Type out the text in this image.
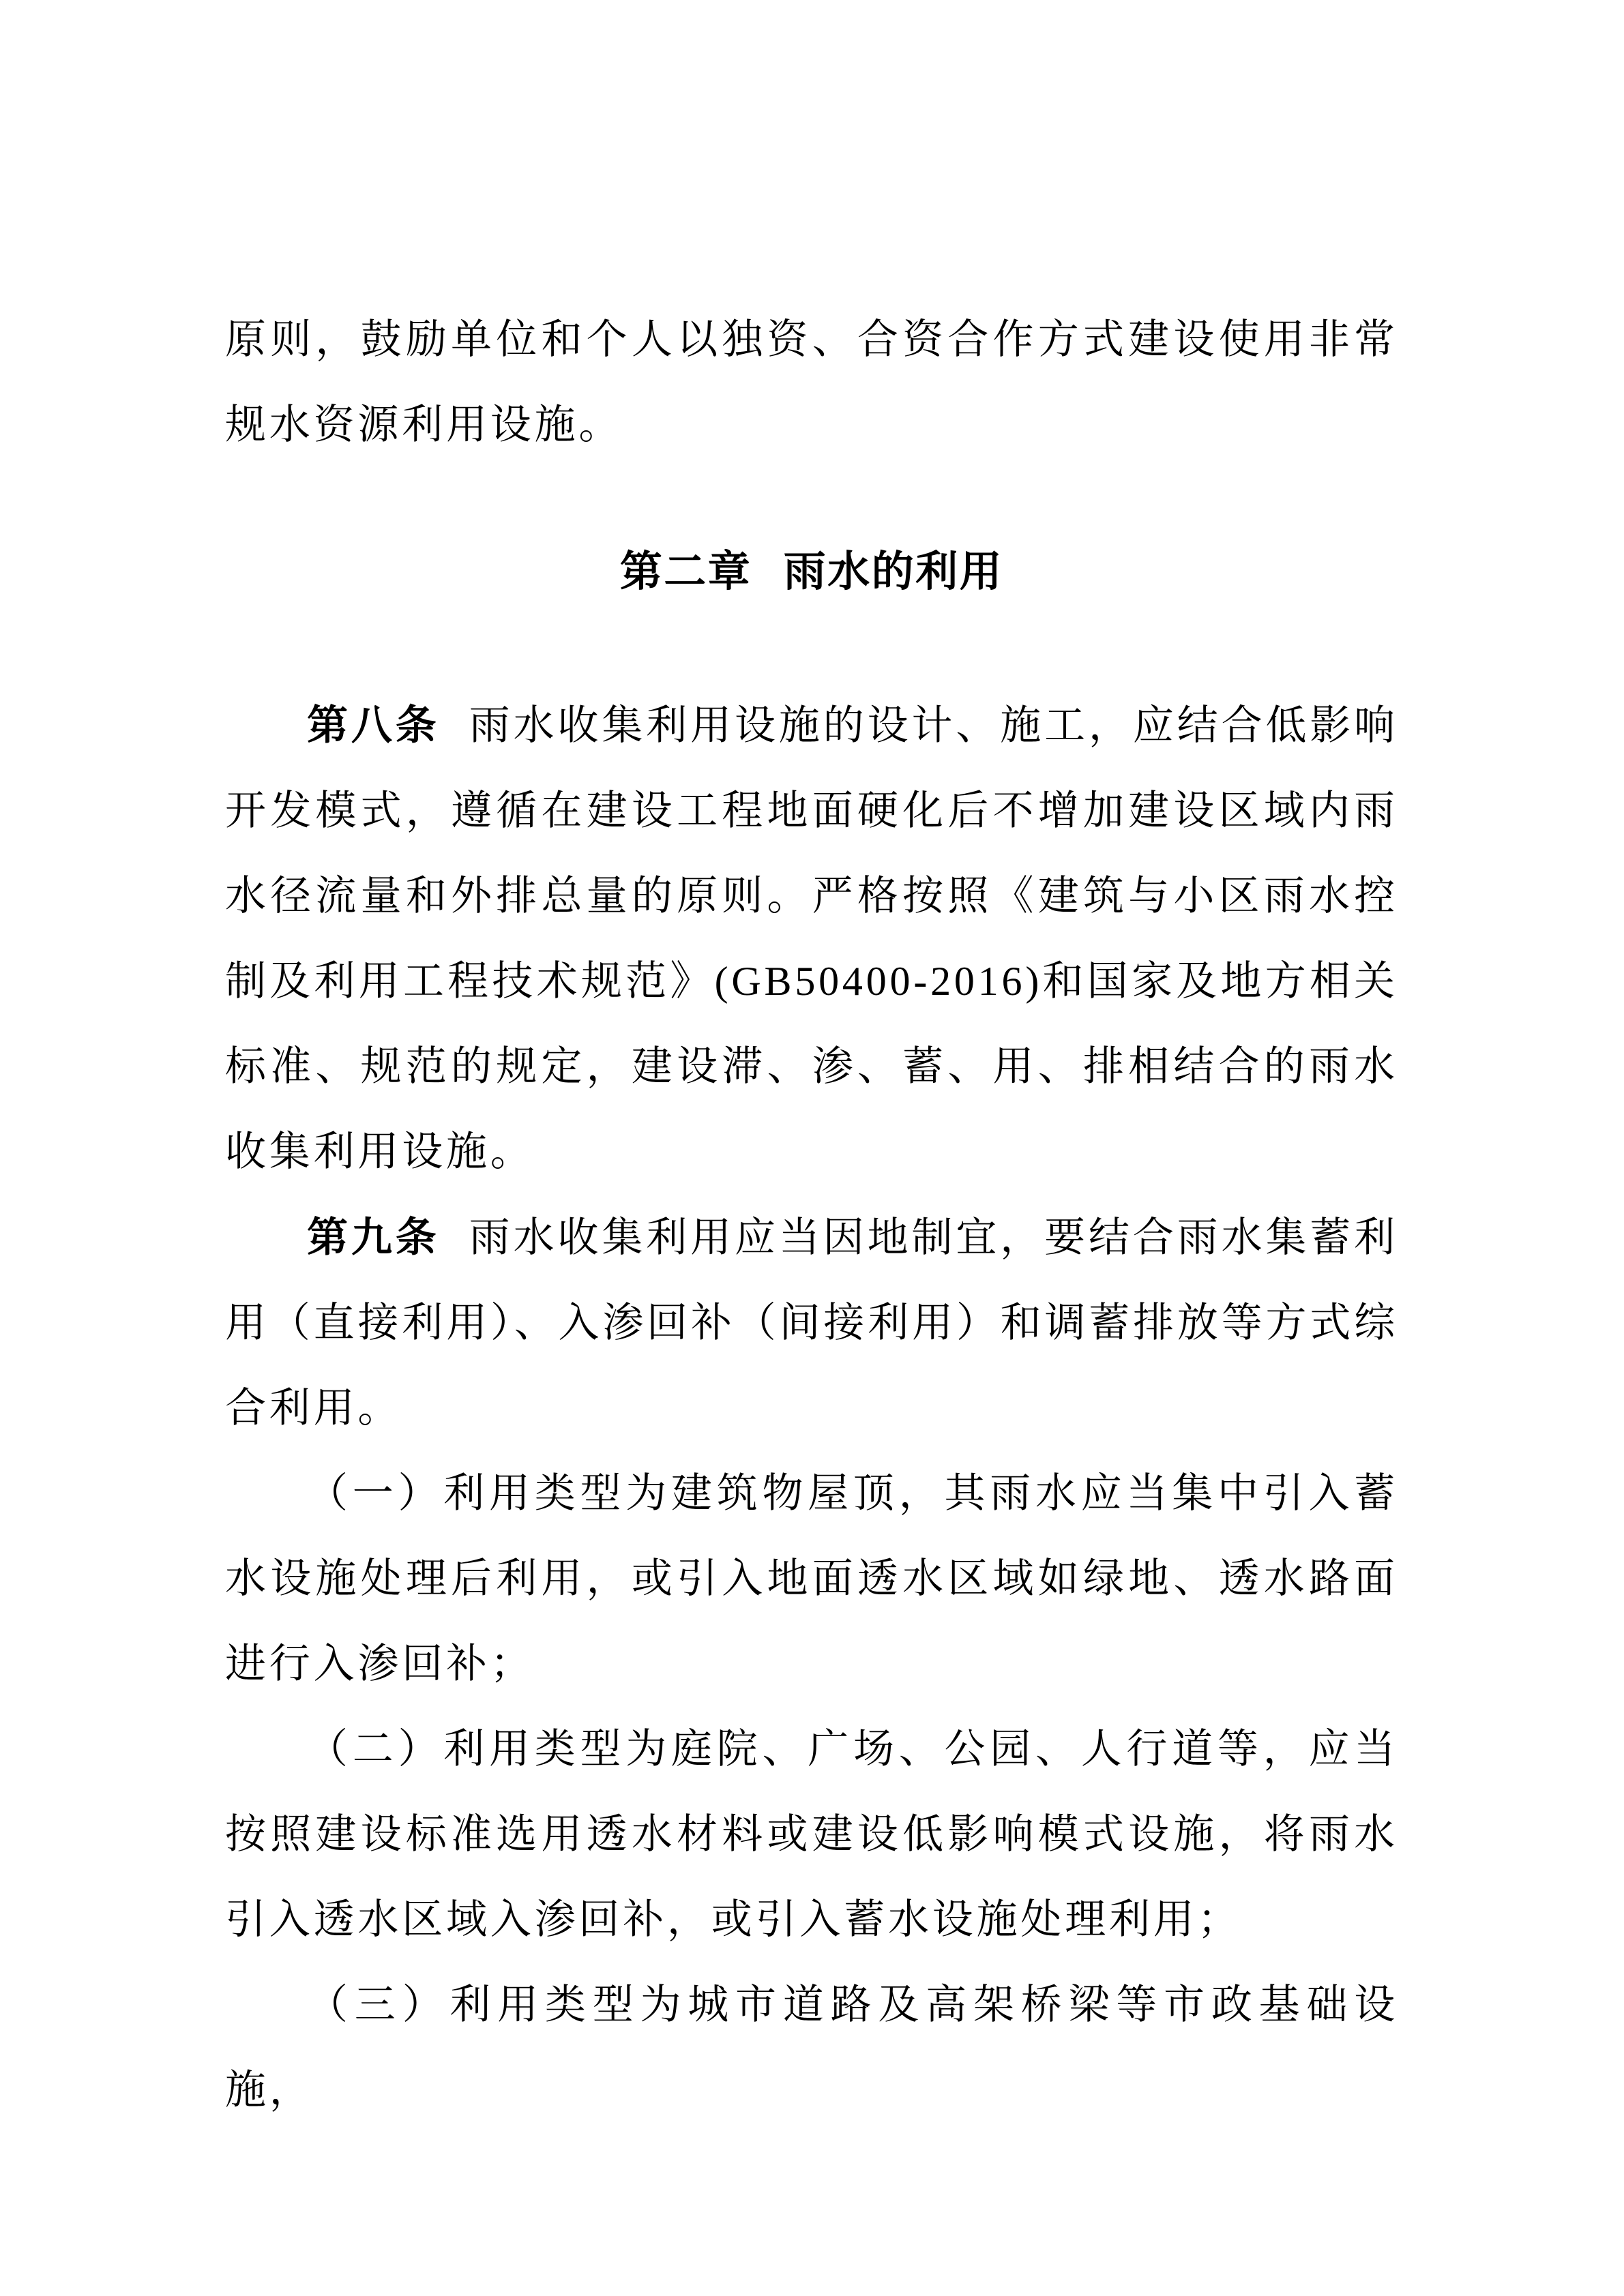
原则，鼓励单位和个人以独资、合资合作方式建设使用非常规水资源利用设施。

第二章 雨水的利用

第八条 雨水收集利用设施的设计、施工，应结合低影响开发模式，遵循在建设工程地面硬化后不增加建设区域内雨水径流量和外排总量的原则。严格按照《建筑与小区雨水控制及利用工程技术规范》(GB50400-2016)和国家及地方相关标准、规范的规定，建设滞、渗、蓄、用、排相结合的雨水收集利用设施。

第九条 雨水收集利用应当因地制宜，要结合雨水集蓄利用（直接利用）、入渗回补（间接利用）和调蓄排放等方式综合利用。

（一）利用类型为建筑物屋顶，其雨水应当集中引入蓄水设施处理后利用，或引入地面透水区域如绿地、透水路面进行入渗回补；

（二）利用类型为庭院、广场、公园、人行道等，应当按照建设标准选用透水材料或建设低影响模式设施，将雨水引入透水区域入渗回补，或引入蓄水设施处理利用；

（三）利用类型为城市道路及高架桥梁等市政基础设施，
